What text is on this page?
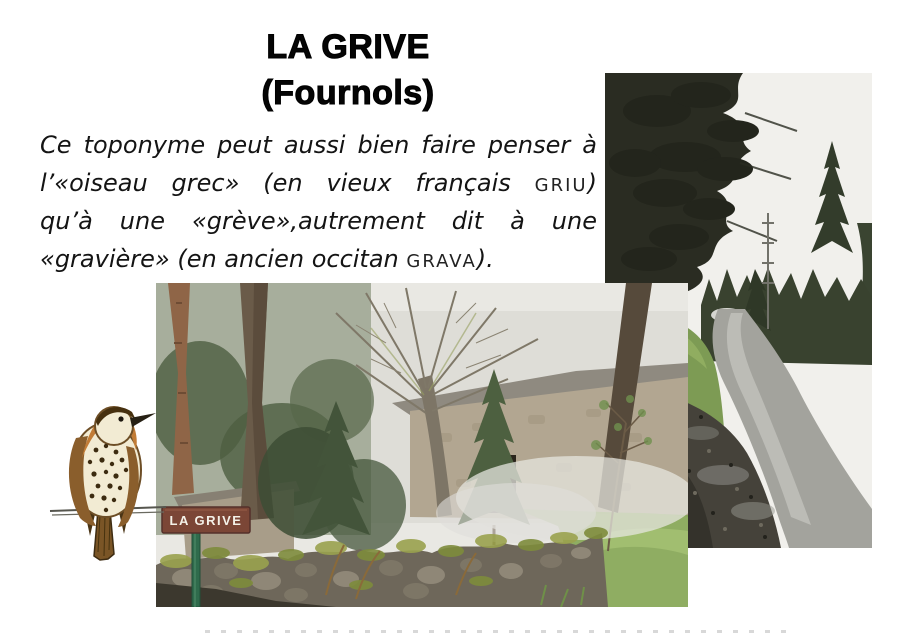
LA GRIVE
(Fournols)
Ce toponyme peut aussi bien faire penser à
l’«oiseau grec» (en vieux français GRIU)
qu’à une «grève»,autrement dit à une
«gravière» (en ancien occitan GRAVA).
LA GRIVE
